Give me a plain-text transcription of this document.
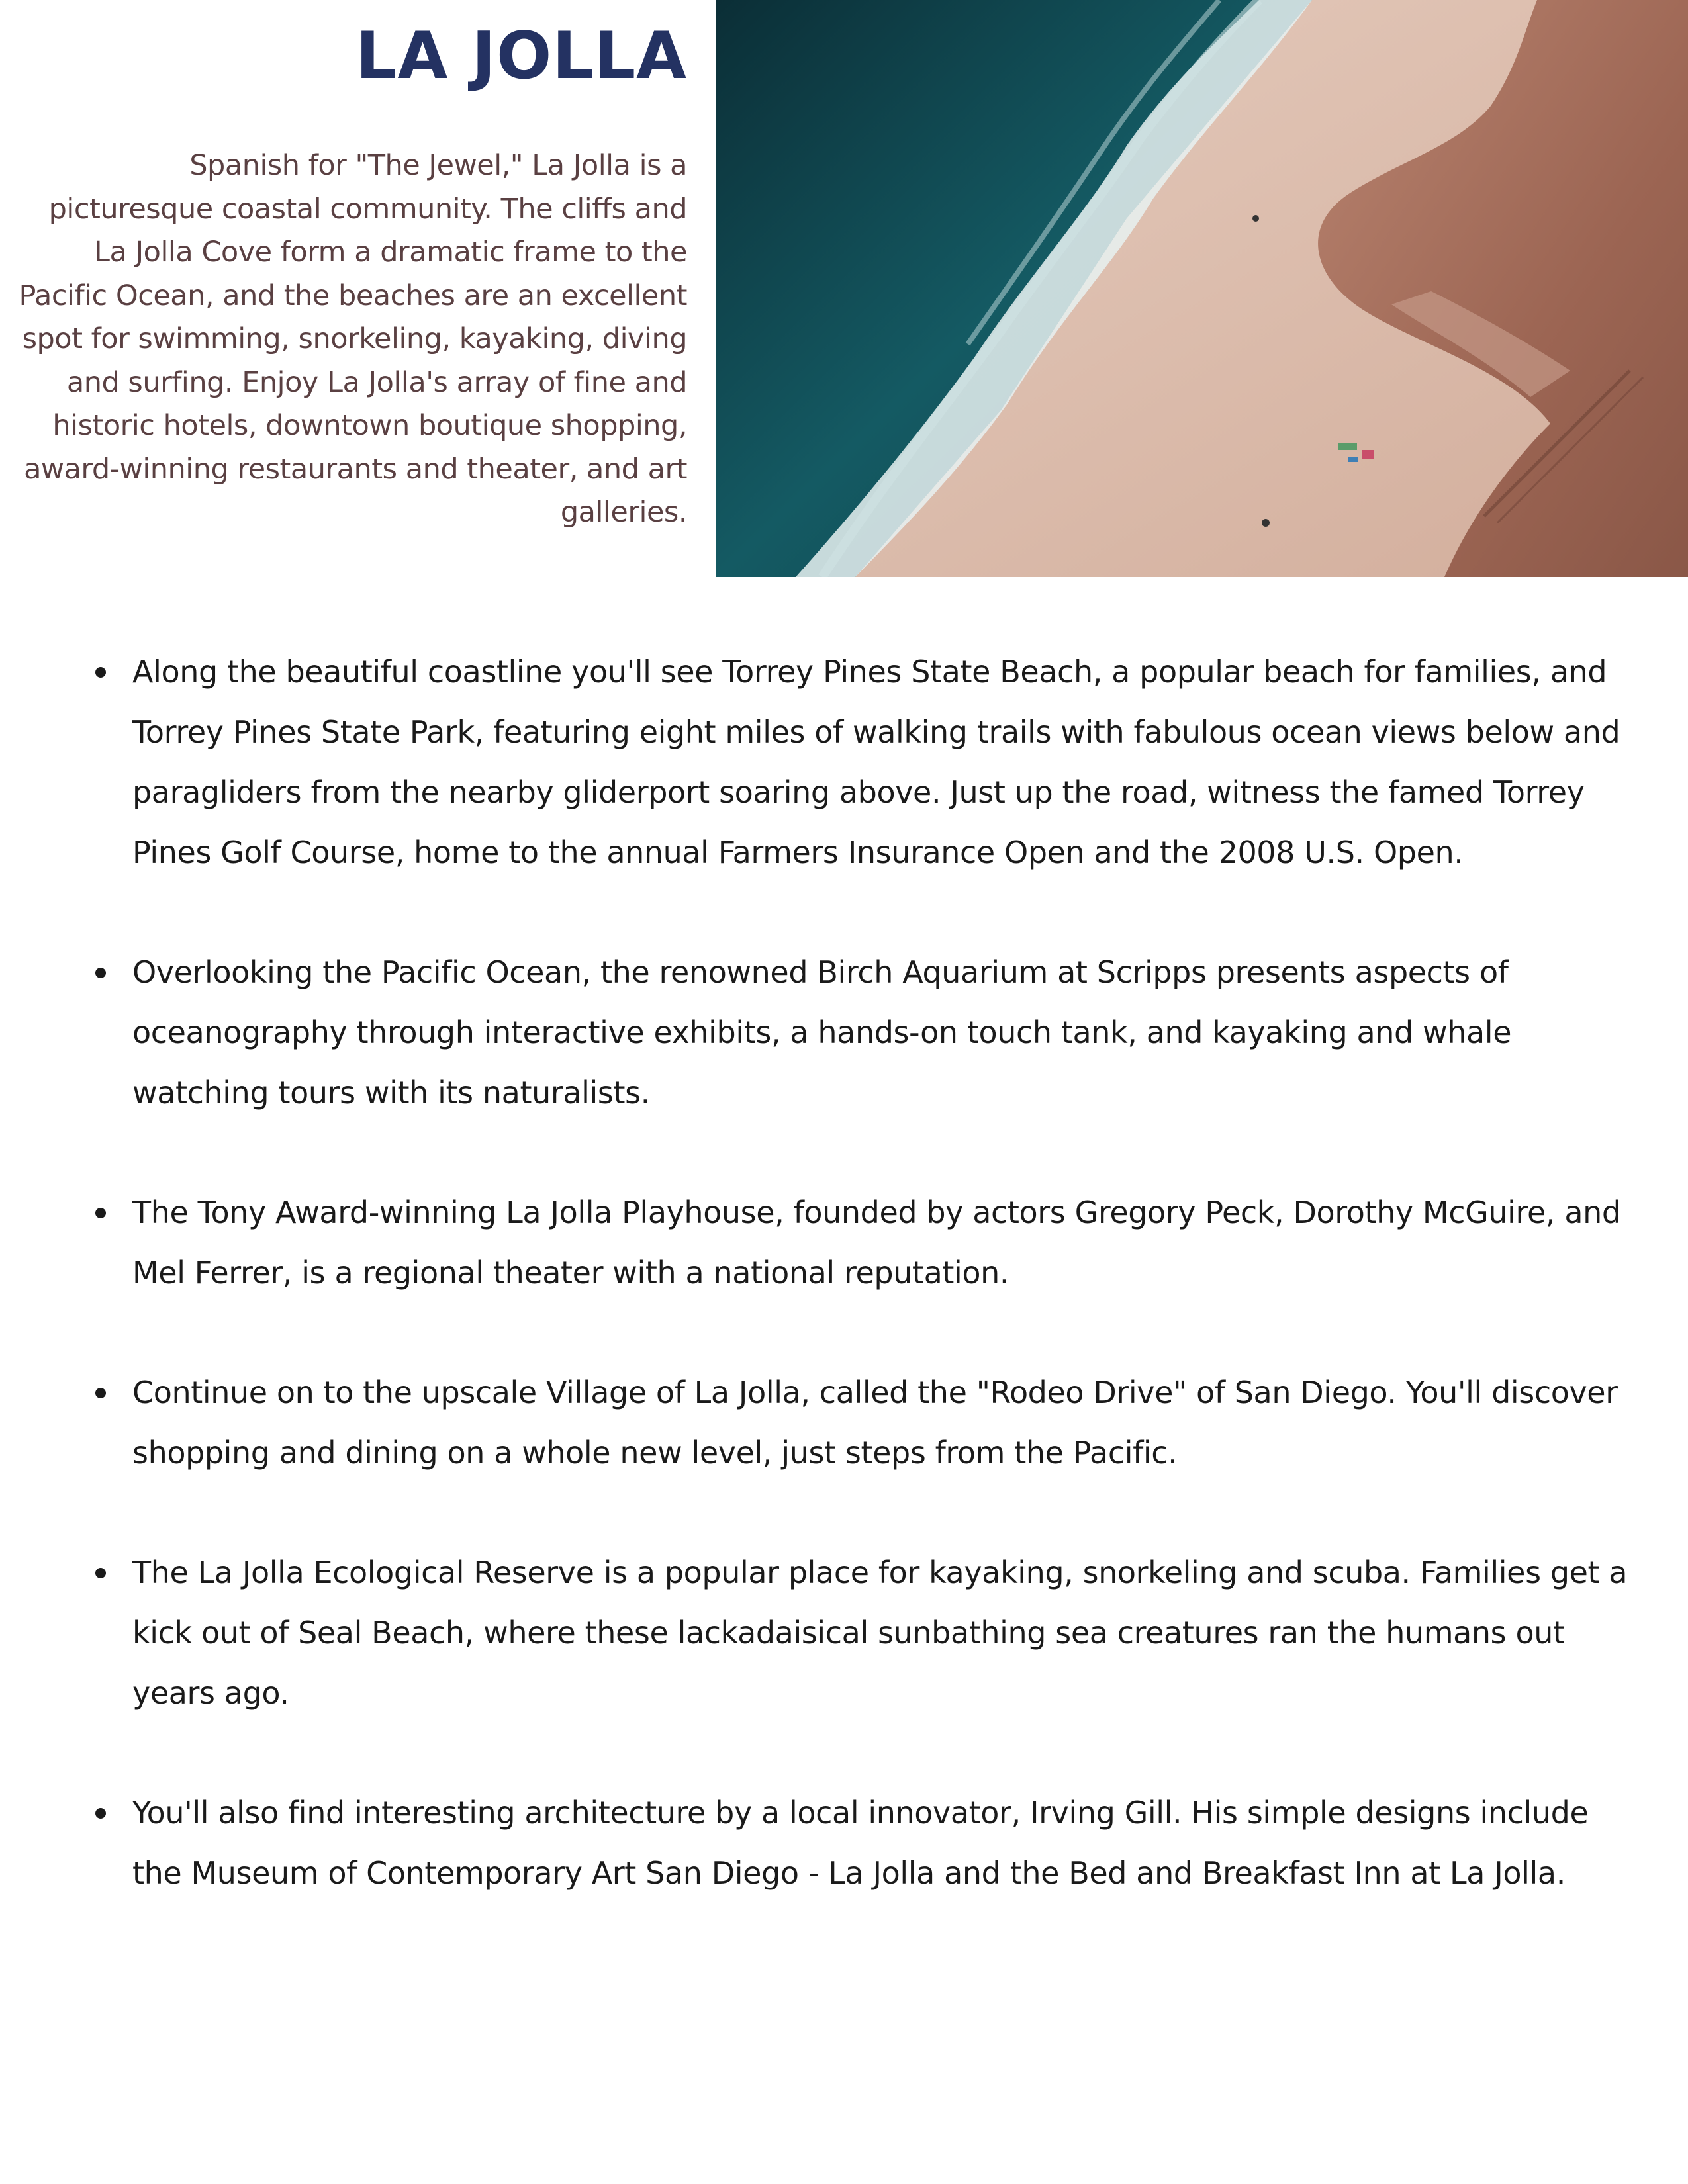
LA JOLLA

Spanish for "The Jewel," La Jolla is a picturesque coastal community. The cliffs and La Jolla Cove form a dramatic frame to the Pacific Ocean, and the beaches are an excellent spot for swimming, snorkeling, kayaking, diving and surfing. Enjoy La Jolla's array of fine and historic hotels, downtown boutique shopping, award-winning restaurants and theater, and art galleries.

Along the beautiful coastline you'll see Torrey Pines State Beach, a popular beach for families, and Torrey Pines State Park, featuring eight miles of walking trails with fabulous ocean views below and paragliders from the nearby gliderport soaring above. Just up the road, witness the famed Torrey Pines Golf Course, home to the annual Farmers Insurance Open and the 2008 U.S. Open.
Overlooking the Pacific Ocean, the renowned Birch Aquarium at Scripps presents aspects of oceanography through interactive exhibits, a hands-on touch tank, and kayaking and whale watching tours with its naturalists.
The Tony Award-winning La Jolla Playhouse, founded by actors Gregory Peck, Dorothy McGuire, and Mel Ferrer, is a regional theater with a national reputation.
Continue on to the upscale Village of La Jolla, called the "Rodeo Drive" of San Diego. You'll discover shopping and dining on a whole new level, just steps from the Pacific.
The La Jolla Ecological Reserve is a popular place for kayaking, snorkeling and scuba. Families get a kick out of Seal Beach, where these lackadaisical sunbathing sea creatures ran the humans out years ago.
You'll also find interesting architecture by a local innovator, Irving Gill. His simple designs include the Museum of Contemporary Art San Diego - La Jolla and the Bed and Breakfast Inn at La Jolla.
